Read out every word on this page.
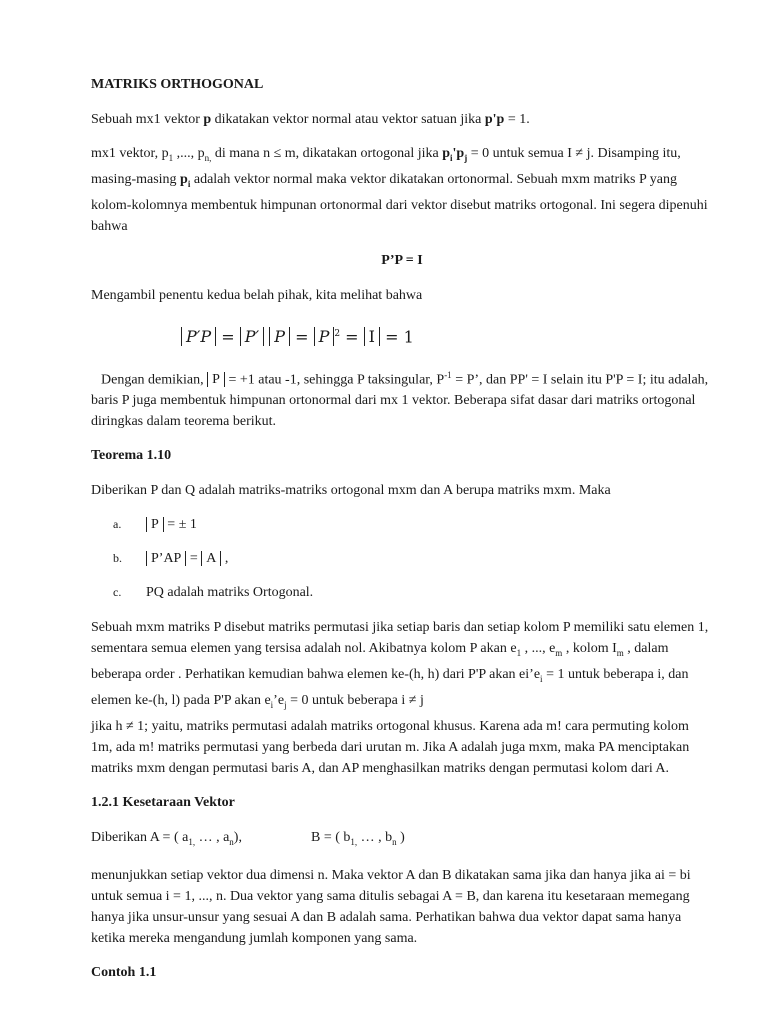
MATRIKS ORTHOGONAL

Sebuah mx1 vektor p dikatakan vektor normal atau vektor satuan jika p'p = 1.

mx1 vektor, $p_1$ ,..., $p_{n,}$ di mana n ≤ m, dikatakan ortogonal jika $p_i'p_j = 0$ untuk semua I ≠ j. Disamping itu, masing-masing $p_i$ adalah vektor normal maka vektor dikatakan ortonormal. Sebuah mxm matriks P yang kolom-kolomnya membentuk himpunan ortonormal dari vektor disebut matriks ortogonal. Ini segera dipenuhi bahwa

P’P = I

Mengambil penentu kedua belah pihak, kita melihat bahwa

P′P = P′ P = P $^2$ = I = 1

Dengan demikian, P = +1 atau -1, sehingga P taksingular, $P^{-1} = P$’, dan PP' = I selain itu P'P = I; itu adalah, baris P juga membentuk himpunan ortonormal dari mx 1 vektor. Beberapa sifat dasar dari matriks ortogonal diringkas dalam teorema berikut.

Teorema 1.10

Diberikan P dan Q adalah matriks-matriks ortogonal mxm dan A berupa matriks mxm. Maka

a.	P = ± 1
b.	P’AP = A ,
c.	PQ adalah matriks Ortogonal.

Sebuah mxm matriks P disebut matriks permutasi jika setiap baris dan setiap kolom P memiliki satu elemen 1, sementara semua elemen yang tersisa adalah nol. Akibatnya kolom P akan $e_1$ , ..., $e_m$ , kolom $I_m$ , dalam beberapa order . Perhatikan kemudian bahwa elemen ke-(h, h) dari P'P akan $ei’e_i = 1$ untuk beberapa i, dan elemen ke-(h, l) pada P'P akan $e_i’e_j = 0$ untuk beberapa i ≠ j
jika h ≠ 1; yaitu, matriks permutasi adalah matriks ortogonal khusus. Karena ada m! cara permuting kolom 1m, ada m! matriks permutasi yang berbeda dari urutan m. Jika A adalah juga mxm, maka PA menciptakan matriks mxm dengan permutasi baris A, dan AP menghasilkan matriks dengan permutasi kolom dari A.

1.2.1 Kesetaraan Vektor

Diberikan A = ( $a_{1,}$ … , $a_n$),	B = ( $b_{1,}$ … , $b_n$ )

menunjukkan setiap vektor dua dimensi n. Maka vektor A dan B dikatakan sama jika dan hanya jika ai = bi untuk semua i = 1, ..., n. Dua vektor yang sama ditulis sebagai A = B, dan karena itu kesetaraan memegang hanya jika unsur-unsur yang sesuai A dan B adalah sama. Perhatikan bahwa dua vektor dapat sama hanya ketika mereka mengandung jumlah komponen yang sama.

Contoh 1.1
